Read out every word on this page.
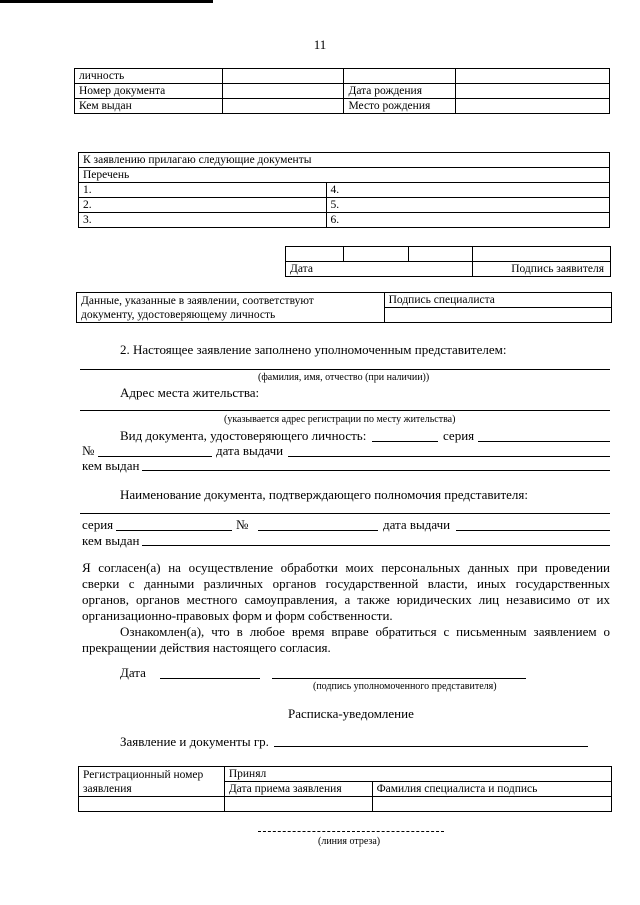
11
личность			
Номер документа		Дата рождения	
Кем выдан		Место рождения	
К заявлению прилагаю следующие документы	
Перечень	
1.	4.
2.	5.
3.	6.

Дата			Подпись заявителя
Данные, указанные в заявлении, соответствуют	Подпись специалиста
документу, удостоверяющему личность	
2. Настоящее заявление заполнено уполномоченным представителем:
(фамилия, имя, отчество (при наличии))
Адрес места жительства:
(указывается адрес регистрации по месту жительства)
Вид документа, удостоверяющего личность:	серия
№	дата выдачи
кем выдан
Наименование документа, подтверждающего полномочия представителя:
серия	№	дата выдачи
кем выдан
Я согласен(а) на осуществление обработки моих персональных данных при проведении
сверки с данными различных органов государственной власти, иных государственных
органов, органов местного самоуправления, а также юридических лиц независимо от их
организационно-правовых форм и форм собственности.
Ознакомлен(а), что в любое время вправе обратиться с письменным заявлением о
прекращении действия настоящего согласия.
Дата
(подпись уполномоченного представителя)
Расписка-уведомление
Заявление и документы гр.
Регистрационный номер	Принял	
заявления	Дата приема заявления	Фамилия специалиста и подпись

(линия отреза)
